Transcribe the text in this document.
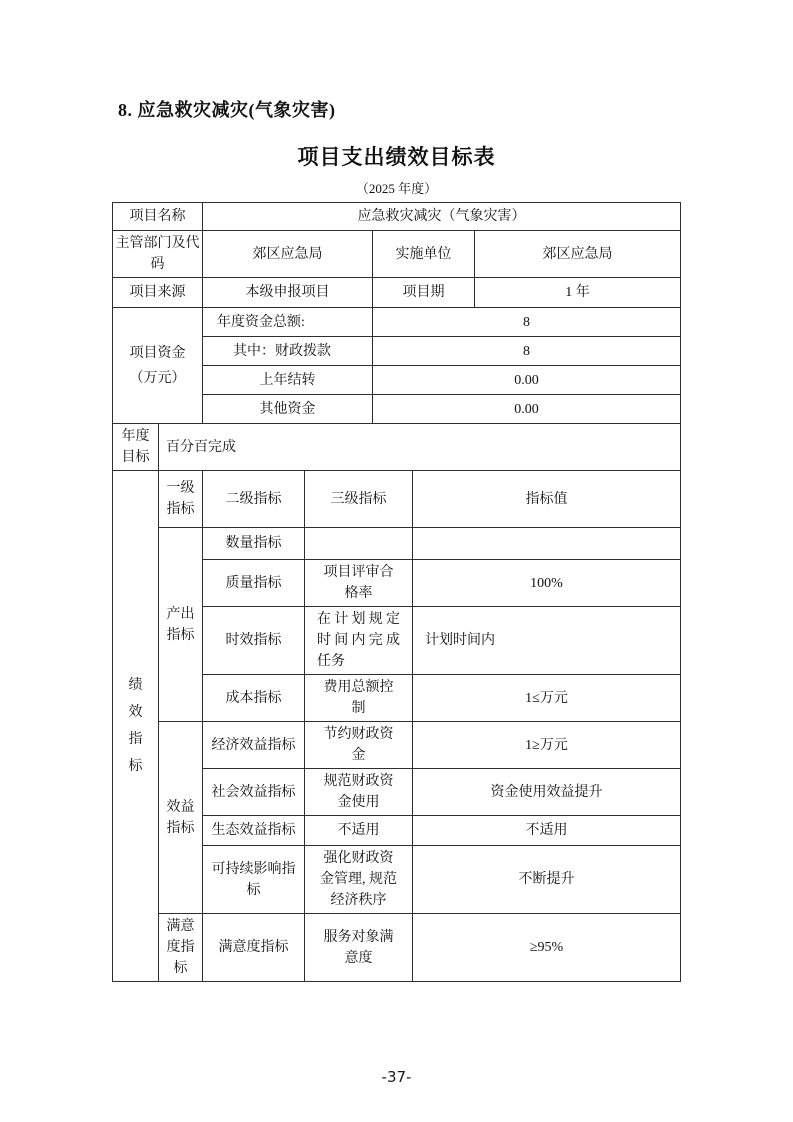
8. 应急救灾减灾(气象灾害)
项目支出绩效目标表
（2025 年度）
项目名称		应急救灾减灾（气象灾害）				
主管部门及代码		郊区应急局		实施单位		郊区应急局
项目来源		本级申报项目		项目期		1 年

项目资金
（万元）		年度资金总额:		8		
		其中：财政拨款		8		
		上年结转		0.00		
		其他资金		0.00		
年度目标	百分百完成					

绩效指标	一级指标	二级指标	三级指标		指标值	
	产出指标	数量指标				
		质量指标	项目评审合格率		100%	
		时效指标	在计划规定时间内完成任务		计划时间内	
		成本指标	费用总额控制		1≤万元	
	效益指标	经济效益指标	节约财政资金		1≥万元	
		社会效益指标	规范财政资金使用		资金使用效益提升	
		生态效益指标	不适用		不适用	
		可持续影响指标	强化财政资金管理, 规范经济秩序		不断提升	
	满意度指标	满意度指标	服务对象满意度		≥95%	
-37-
